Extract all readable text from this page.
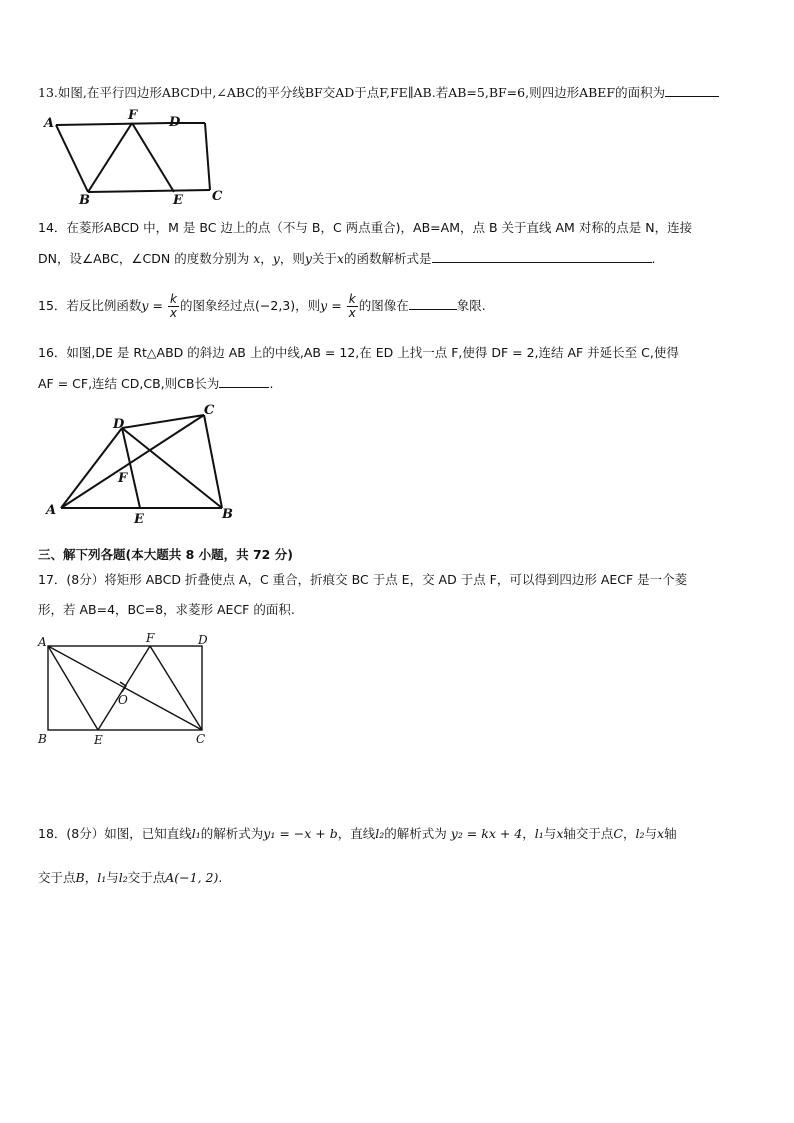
13.如图,在平行四边形ABCD中,∠ABC的平分线BF交AD于点F,FE∥AB.若AB=5,BF=6,则四边形ABEF的面积为
A
F D
B	E C
14．在菱形ABCD 中，M 是 BC 边上的点（不与 B，C 两点重合)，AB=AM，点 B 关于直线 AM 对称的点是 N，连接
DN，设∠ABC，∠CDN 的度数分别为 x，y，则y关于x的函数解析式是	.
15．若反比例函数$y = \frac{k}{x}$ 的图象经过点(−2,3)，则$y = \frac{k}{x}$ 的图像在	象限.
16．如图,DE 是 Rt△ABD 的斜边 AB 上的中线,AB = 12,在 ED 上找一点 F,使得 DF = 2,连结 AF 并延长至 C,使得
AF = CF,连结 CD,CB,则CB长为	.
D
C
F
A
E	B
三、解下列各题(本大题共 8 小题，共 72 分)
17．(8分）将矩形 ABCD 折叠使点 A，C 重合，折痕交 BC 于点 E，交 AD 于点 F，可以得到四边形 AECF 是一个菱
形，若 AB=4，BC=8，求菱形 AECF 的面积.
A	F	D
O
B	E	C
18．(8分）如图，已知直线l₁的解析式为y₁ = −x + b，直线l₂的解析式为 y₂ = kx + 4，l₁与x轴交于点C，l₂与x轴
交于点B，l₁与l₂交于点A(−1, 2).
